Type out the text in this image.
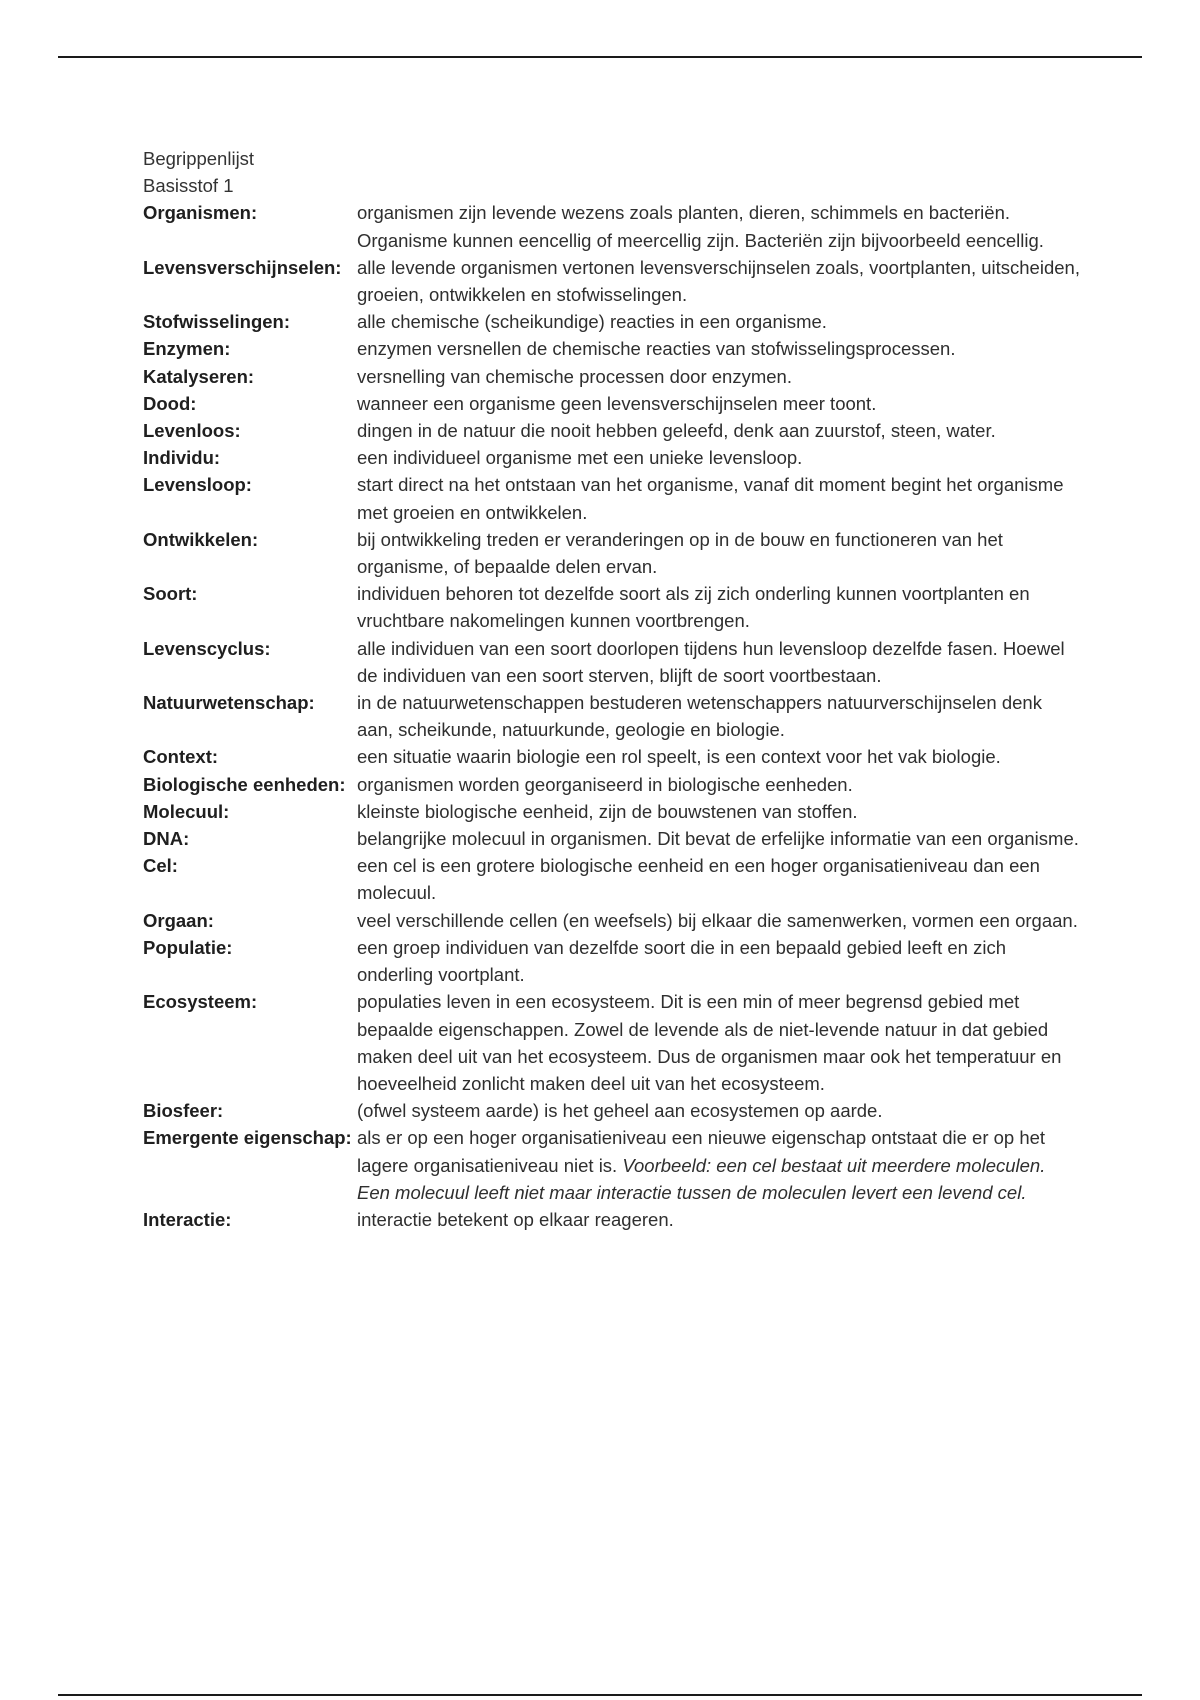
Begrippenlijst
Basisstof 1
Organismen:	organismen zijn levende wezens zoals planten, dieren, schimmels en bacteriën. Organisme kunnen eencellig of meercellig zijn. Bacteriën zijn bijvoorbeeld eencellig.
Levensverschijnselen: alle levende organismen vertonen levensverschijnselen zoals, voortplanten, uitscheiden, groeien, ontwikkelen en stofwisselingen.
Stofwisselingen:	alle chemische (scheikundige) reacties in een organisme.
Enzymen:	enzymen versnellen de chemische reacties van stofwisselingsprocessen.
Katalyseren:	versnelling van chemische processen door enzymen.
Dood:	wanneer een organisme geen levensverschijnselen meer toont.
Levenloos:	dingen in de natuur die nooit hebben geleefd, denk aan zuurstof, steen, water.
Individu:	een individueel organisme met een unieke levensloop.
Levensloop:	start direct na het ontstaan van het organisme, vanaf dit moment begint het organisme met groeien en ontwikkelen.
Ontwikkelen:	bij ontwikkeling treden er veranderingen op in de bouw en functioneren van het organisme, of bepaalde delen ervan.
Soort:	individuen behoren tot dezelfde soort als zij zich onderling kunnen voortplanten en vruchtbare nakomelingen kunnen voortbrengen.
Levenscyclus:	alle individuen van een soort doorlopen tijdens hun levensloop dezelfde fasen. Hoewel de individuen van een soort sterven, blijft de soort voortbestaan.
Natuurwetenschap:	in de natuurwetenschappen bestuderen wetenschappers natuurverschijnselen denk aan, scheikunde, natuurkunde, geologie en biologie.
Context:	een situatie waarin biologie een rol speelt, is een context voor het vak biologie.
Biologische eenheden: organismen worden georganiseerd in biologische eenheden.
Molecuul:	kleinste biologische eenheid, zijn de bouwstenen van stoffen.
DNA:	belangrijke molecuul in organismen. Dit bevat de erfelijke informatie van een organisme.
Cel:	een cel is een grotere biologische eenheid en een hoger organisatieniveau dan een molecuul.
Orgaan:	veel verschillende cellen (en weefsels) bij elkaar die samenwerken, vormen een orgaan.
Populatie:	een groep individuen van dezelfde soort die in een bepaald gebied leeft en zich onderling voortplant.
Ecosysteem:	populaties leven in een ecosysteem. Dit is een min of meer begrensd gebied met bepaalde eigenschappen. Zowel de levende als de niet-levende natuur in dat gebied maken deel uit van het ecosysteem. Dus de organismen maar ook het temperatuur en hoeveelheid zonlicht maken deel uit van het ecosysteem.
Biosfeer:	(ofwel systeem aarde) is het geheel aan ecosystemen op aarde.
Emergente eigenschap: als er op een hoger organisatieniveau een nieuwe eigenschap ontstaat die er op het lagere organisatieniveau niet is. Voorbeeld: een cel bestaat uit meerdere moleculen. Een molecuul leeft niet maar interactie tussen de moleculen levert een levend cel.
Interactie:	interactie betekent op elkaar reageren.
